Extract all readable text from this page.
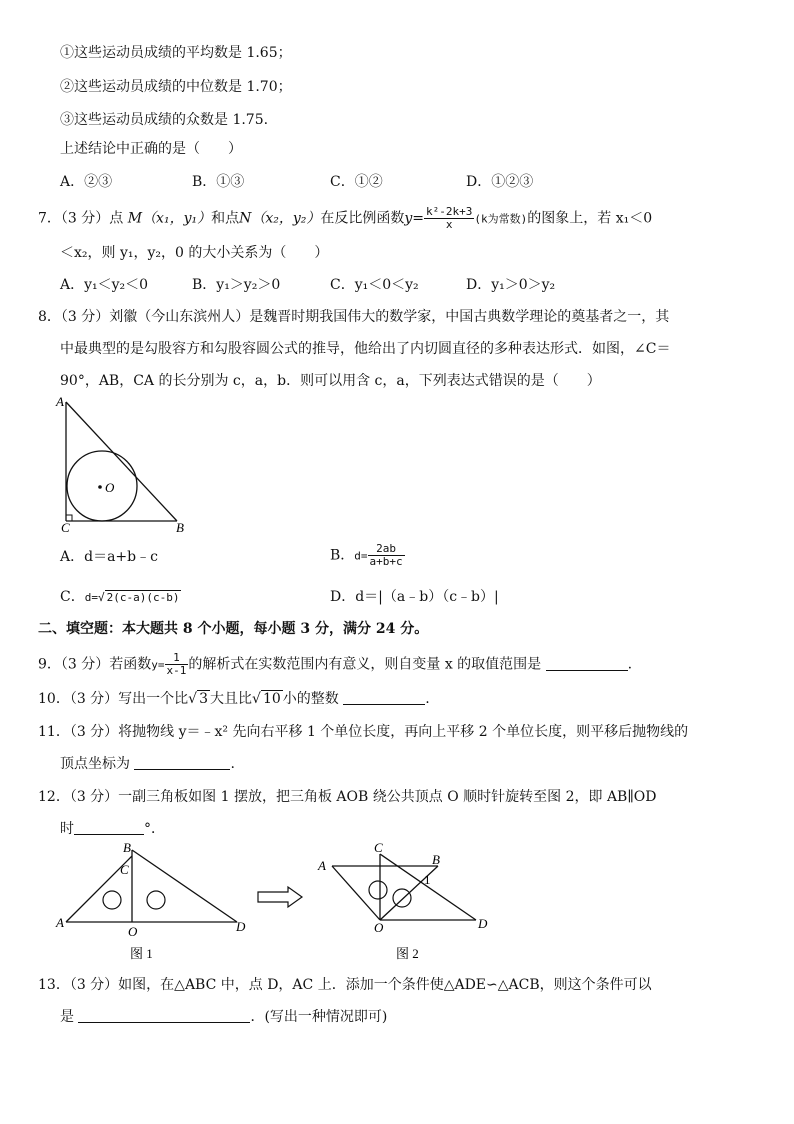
①这些运动员成绩的平均数是 1.65；
②这些运动员成绩的中位数是 1.70；
③这些运动员成绩的众数是 1.75.
上述结论中正确的是（　　）
A．②③	B．①③	C．①②	D．①②③
7．（3 分）点 M（x₁，y₁）和点N（x₂，y₂）在反比例函数$y= \frac{\text{k²-2k+3}}{x} (k$为常数)的图象上，若 x₁＜0
＜x₂，则 y₁，y₂，0 的大小关系为（　　）
A．y₁＜y₂＜0	B．y₁＞y₂＞0	C．y₁＜0＜y₂	D．y₁＞0＞y₂
8．（3 分）刘徽（今山东滨州人）是魏晋时期我国伟大的数学家，中国古典数学理论的奠基者之一，其
中最典型的是勾股容方和勾股容圆公式的推导，他给出了内切圆直径的多种表达形式．如图，∠C＝
90°，AB，CA 的长分别为 c，a，b．则可以用含 c，a，下列表达式错误的是（　　）
A
B
C
O
A．d＝a+b﹣c	B．$d= \frac{2ab}{a+b+c}$
C．d=√ 2(c-a)(c-b)	D．d＝|（a﹣b）（c﹣b）|
二、填空题：本大题共 8 个小题，每小题 3 分，满分 24 分。
9．（3 分）若函数$y= \frac{1}{x-1}$ 的解析式在实数范围内有意义，则自变量 x 的取值范围是	.
10．（3 分）写出一个比√ 3 大且比√ 10 小的整数	.
11．（3 分）将抛物线 y＝﹣x² 先向右平移 1 个单位长度，再向上平移 2 个单位长度，则平移后抛物线的
顶点坐标为	.
12．（3 分）一副三角板如图 1 摆放，把三角板 AOB 绕公共顶点 O 顺时针旋转至图 2，即 AB∥OD
时	°．
B
C
A
O	D
图 1
C
B
A
1
O	D
图 2
13．（3 分）如图，在△ABC 中，点 D，AC 上．添加一个条件使△ADE∽△ACB，则这个条件可以
是	．(写出一种情况即可)
